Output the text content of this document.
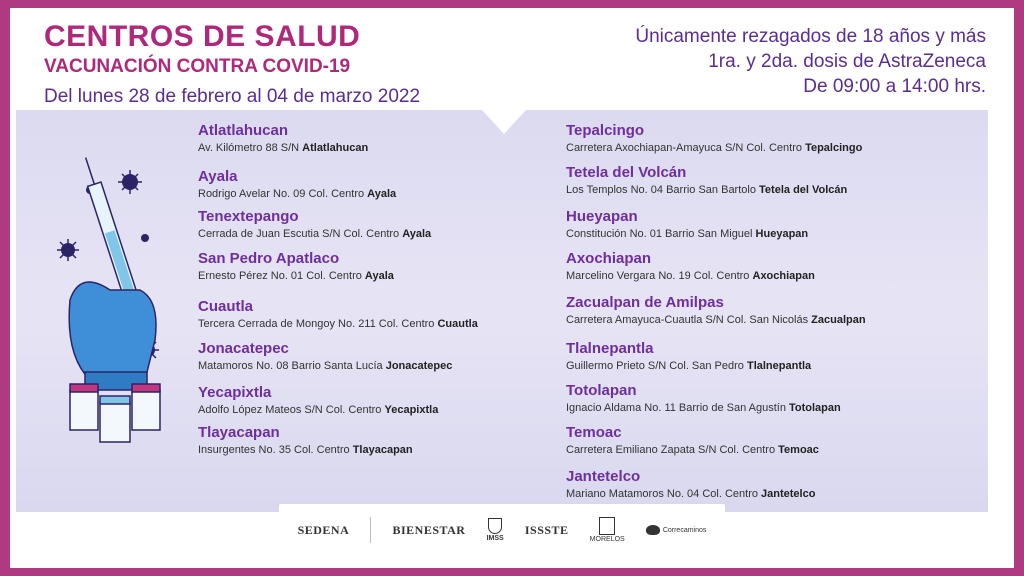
CENTROS DE SALUD
VACUNACIÓN CONTRA COVID-19
Del lunes 28 de febrero al 04 de marzo 2022
Únicamente rezagados de 18 años y más
1ra. y 2da. dosis de AstraZeneca
De 09:00 a 14:00 hrs.
Atlatlahucan
Av. Kilómetro 88 S/N Atlatlahucan
Ayala
Rodrigo Avelar No. 09 Col. Centro Ayala
Tenextepango
Cerrada de Juan Escutia S/N Col. Centro Ayala
San Pedro Apatlaco
Ernesto Pérez No. 01 Col. Centro Ayala
Cuautla
Tercera Cerrada de Mongoy No. 211 Col. Centro Cuautla
Jonacatepec
Matamoros No. 08 Barrio Santa Lucía Jonacatepec
Yecapixtla
Adolfo López Mateos S/N Col. Centro Yecapixtla
Tlayacapan
Insurgentes No. 35 Col. Centro Tlayacapan
Tepalcingo
Carretera Axochiapan-Amayuca S/N Col. Centro Tepalcingo
Tetela del Volcán
Los Templos No. 04 Barrio San Bartolo Tetela del Volcán
Hueyapan
Constitución No. 01 Barrio San Miguel Hueyapan
Axochiapan
Marcelino Vergara No. 19 Col. Centro Axochiapan
Zacualpan de Amilpas
Carretera Amayuca-Cuautla S/N Col. San Nicolás Zacualpan
Tlalnepantla
Guillermo Prieto S/N Col. San Pedro Tlalnepantla
Totolapan
Ignacio Aldama No. 11 Barrio de San Agustín Totolapan
Temoac
Carretera Emiliano Zapata S/N Col. Centro Temoac
Jantetelco
Mariano Matamoros No. 04 Col. Centro Jantetelco
SEDENA	BIENESTAR
IMSS
ISSSTE
MORELOS
Correcaminos
